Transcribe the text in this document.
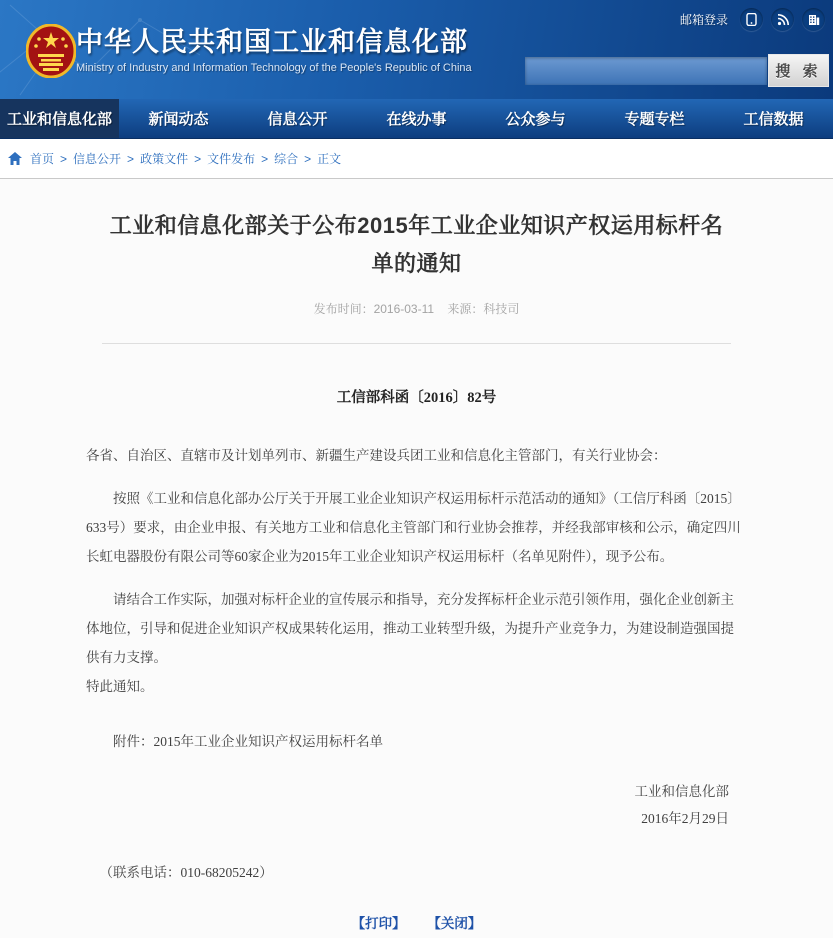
中华人民共和国工业和信息化部
Ministry of Industry and Information Technology of the People's Republic of China
邮箱登录
搜 索
工业和信息化部	新闻动态	信息公开	在线办事	公众参与	专题专栏	工信数据
首页 > 信息公开 > 政策文件 > 文件发布 > 综合 > 正文
工业和信息化部关于公布2015年工业企业知识产权运用标杆名单的通知
发布时间：2016-03-11 来源：科技司
工信部科函〔2016〕82号

各省、自治区、直辖市及计划单列市、新疆生产建设兵团工业和信息化主管部门，有关行业协会：

按照《工业和信息化部办公厅关于开展工业企业知识产权运用标杆示范活动的通知》（工信厅科函〔2015〕633号）要求，由企业申报、有关地方工业和信息化主管部门和行业协会推荐，并经我部审核和公示，确定四川长虹电器股份有限公司等60家企业为2015年工业企业知识产权运用标杆（名单见附件），现予公布。

请结合工作实际，加强对标杆企业的宣传展示和指导，充分发挥标杆企业示范引领作用，强化企业创新主体地位，引导和促进企业知识产权成果转化运用，推动工业转型升级，为提升产业竞争力，为建设制造强国提供有力支撑。

特此通知。

附件：2015年工业企业知识产权运用标杆名单

工业和信息化部
2016年2月29日

（联系电话：010-68205242）

【打印】 【关闭】
